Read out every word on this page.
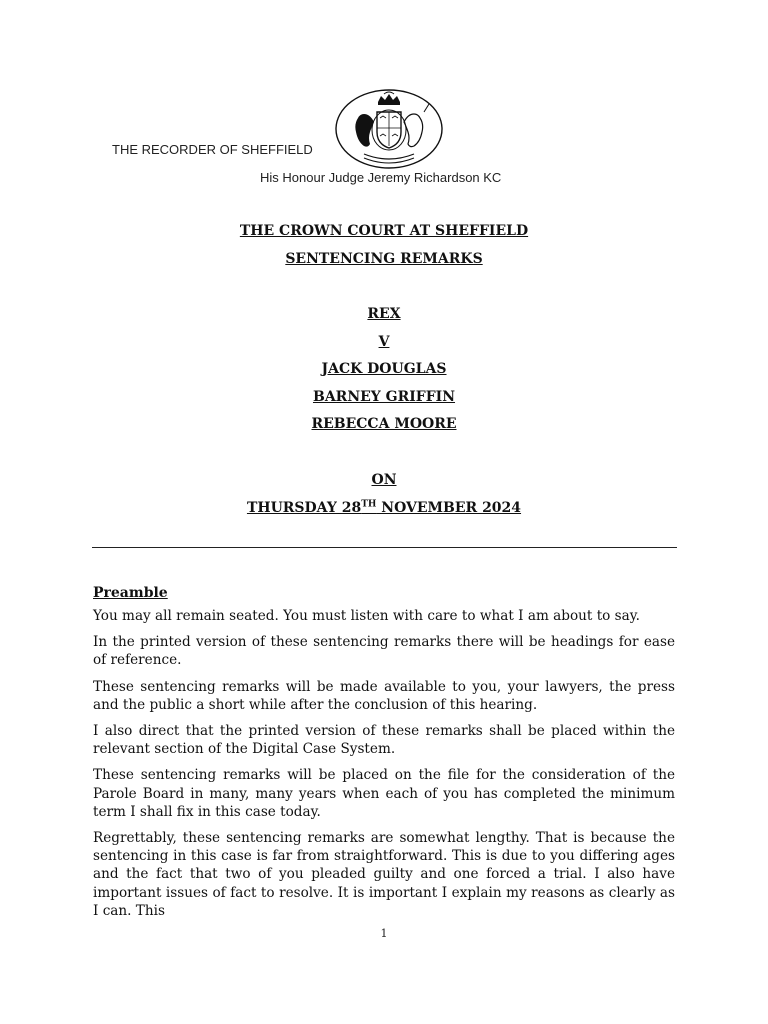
THE RECORDER OF SHEFFIELD
His Honour Judge Jeremy Richardson KC
THE CROWN COURT AT SHEFFIELD
SENTENCING REMARKS
REX
V
JACK DOUGLAS
BARNEY GRIFFIN
REBECCA MOORE
ON
THURSDAY 28TH NOVEMBER 2024
Preamble

You may all remain seated. You must listen with care to what I am about to say.

In the printed version of these sentencing remarks there will be headings for ease of reference.

These sentencing remarks will be made available to you, your lawyers, the press and the public a short while after the conclusion of this hearing.

I also direct that the printed version of these remarks shall be placed within the relevant section of the Digital Case System.

These sentencing remarks will be placed on the file for the consideration of the Parole Board in many, many years when each of you has completed the minimum term I shall fix in this case today.

Regrettably, these sentencing remarks are somewhat lengthy. That is because the sentencing in this case is far from straightforward. This is due to you differing ages and the fact that two of you pleaded guilty and one forced a trial. I also have important issues of fact to resolve. It is important I explain my reasons as clearly as I can. This

1
